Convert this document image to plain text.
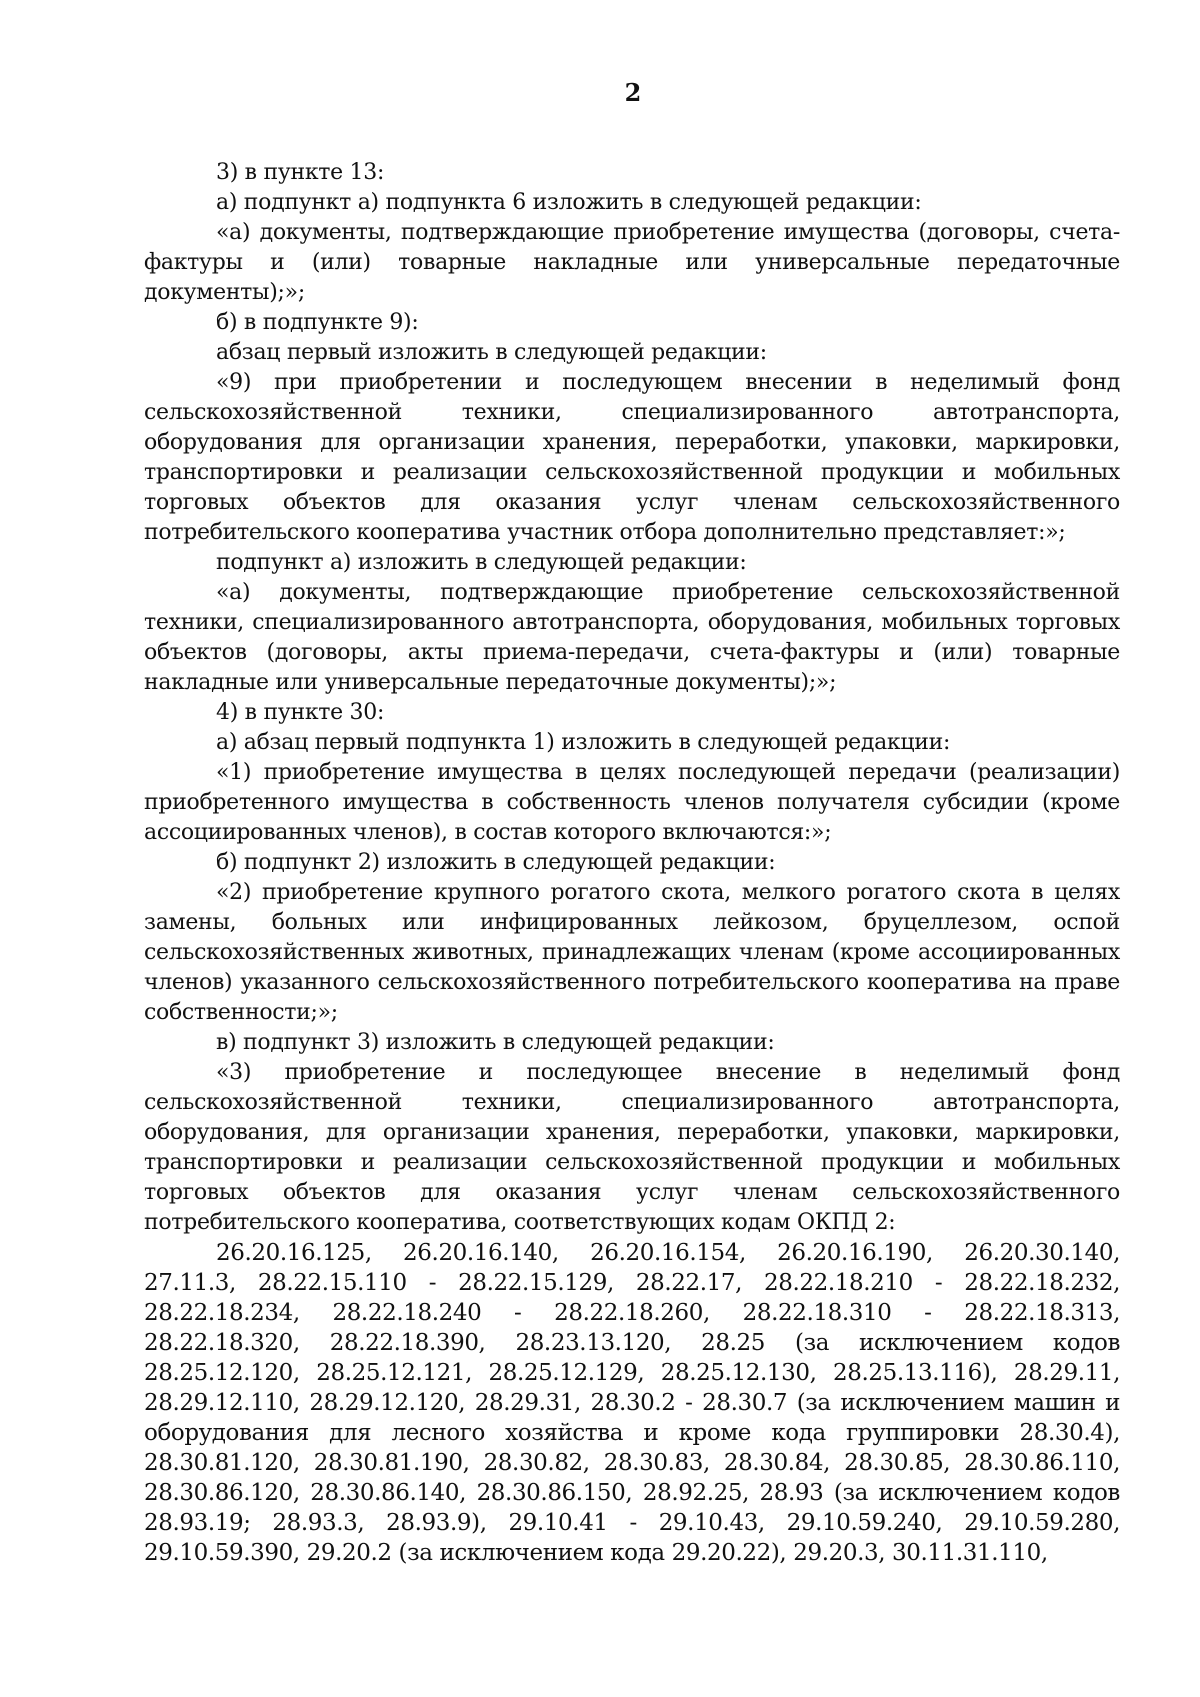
2

3) в пункте 13:

а) подпункт а) подпункта 6 изложить в следующей редакции:

«а) документы, подтверждающие приобретение имущества (договоры, счета-фактуры и (или) товарные накладные или универсальные передаточные документы);»;

б) в подпункте 9):

абзац первый изложить в следующей редакции:

«9) при приобретении и последующем внесении в неделимый фонд сельскохозяйственной техники, специализированного автотранспорта, оборудования для организации хранения, переработки, упаковки, маркировки, транспортировки и реализации сельскохозяйственной продукции и мобильных торговых объектов для оказания услуг членам сельскохозяйственного потребительского кооператива участник отбора дополнительно представляет:»;

подпункт а) изложить в следующей редакции:

«а) документы, подтверждающие приобретение сельскохозяйственной техники, специализированного автотранспорта, оборудования, мобильных торговых объектов (договоры, акты приема-передачи, счета-фактуры и (или) товарные накладные или универсальные передаточные документы);»;

4) в пункте 30:

а) абзац первый подпункта 1) изложить в следующей редакции:

«1) приобретение имущества в целях последующей передачи (реализации) приобретенного имущества в собственность членов получателя субсидии (кроме ассоциированных членов), в состав которого включаются:»;

б) подпункт 2) изложить в следующей редакции:

«2) приобретение крупного рогатого скота, мелкого рогатого скота в целях замены, больных или инфицированных лейкозом, бруцеллезом, оспой сельскохозяйственных животных, принадлежащих членам (кроме ассоциированных членов) указанного сельскохозяйственного потребительского кооператива на праве собственности;»;

в) подпункт 3) изложить в следующей редакции:

«3) приобретение и последующее внесение в неделимый фонд сельскохозяйственной техники, специализированного автотранспорта, оборудования, для организации хранения, переработки, упаковки, маркировки, транспортировки и реализации сельскохозяйственной продукции и мобильных торговых объектов для оказания услуг членам сельскохозяйственного потребительского кооператива, соответствующих кодам ОКПД 2:

26.20.16.125, 26.20.16.140, 26.20.16.154, 26.20.16.190, 26.20.30.140, 27.11.3, 28.22.15.110 - 28.22.15.129, 28.22.17, 28.22.18.210 - 28.22.18.232, 28.22.18.234, 28.22.18.240 - 28.22.18.260, 28.22.18.310 - 28.22.18.313, 28.22.18.320, 28.22.18.390, 28.23.13.120, 28.25 (за исключением кодов 28.25.12.120, 28.25.12.121, 28.25.12.129, 28.25.12.130, 28.25.13.116), 28.29.11, 28.29.12.110, 28.29.12.120, 28.29.31, 28.30.2 - 28.30.7 (за исключением машин и оборудования для лесного хозяйства и кроме кода группировки 28.30.4), 28.30.81.120, 28.30.81.190, 28.30.82, 28.30.83, 28.30.84, 28.30.85, 28.30.86.110, 28.30.86.120, 28.30.86.140, 28.30.86.150, 28.92.25, 28.93 (за исключением кодов 28.93.19; 28.93.3, 28.93.9), 29.10.41 - 29.10.43, 29.10.59.240, 29.10.59.280, 29.10.59.390, 29.20.2 (за исключением кода 29.20.22), 29.20.3, 30.11.31.110,
